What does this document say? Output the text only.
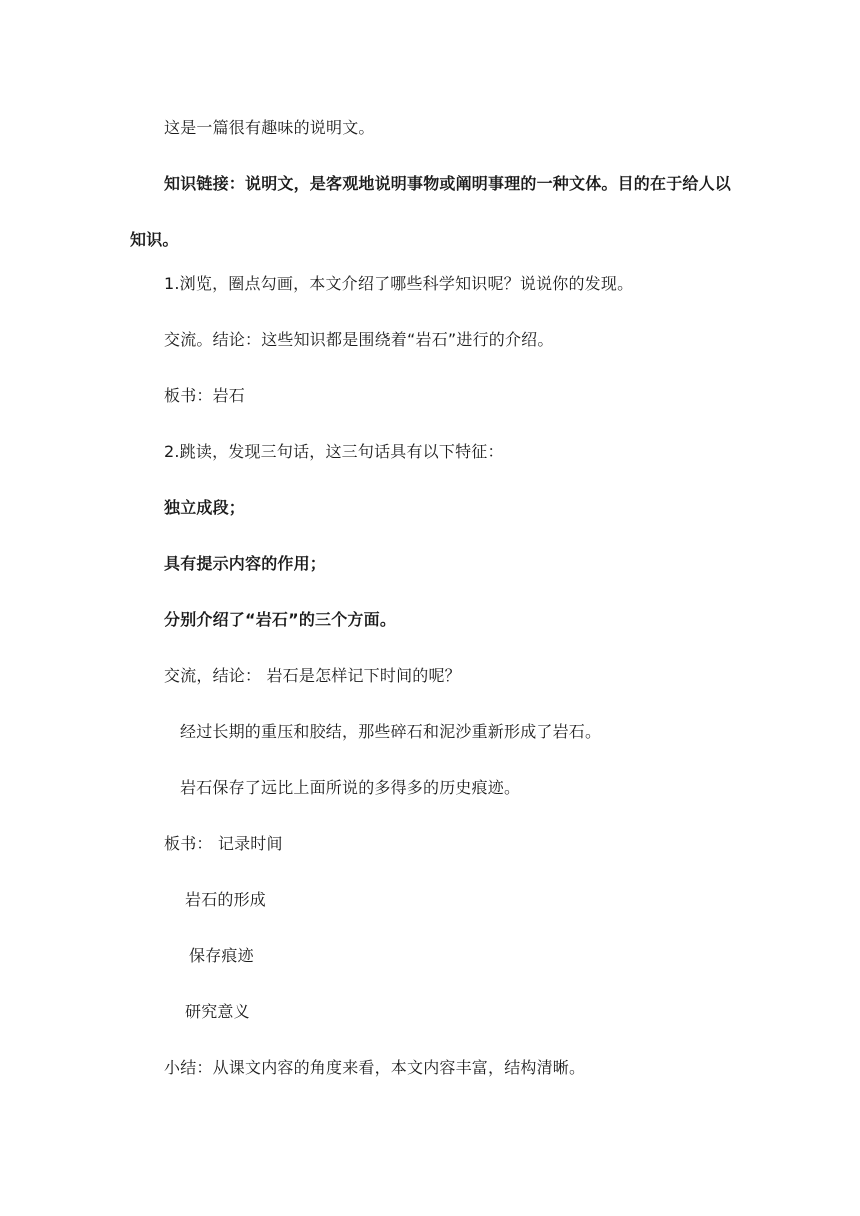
这是一篇很有趣味的说明文。
知识链接：说明文，是客观地说明事物或阐明事理的一种文体。目的在于给人以知识。
1.浏览，圈点勾画，本文介绍了哪些科学知识呢？说说你的发现。
交流。结论：这些知识都是围绕着“岩石”进行的介绍。
板书：岩石
2.跳读，发现三句话，这三句话具有以下特征：
独立成段；
具有提示内容的作用；
分别介绍了“岩石”的三个方面。
交流，结论： 岩石是怎样记下时间的呢？
经过长期的重压和胶结，那些碎石和泥沙重新形成了岩石。
岩石保存了远比上面所说的多得多的历史痕迹。
板书： 记录时间
岩石的形成
保存痕迹
研究意义
小结：从课文内容的角度来看，本文内容丰富，结构清晰。
